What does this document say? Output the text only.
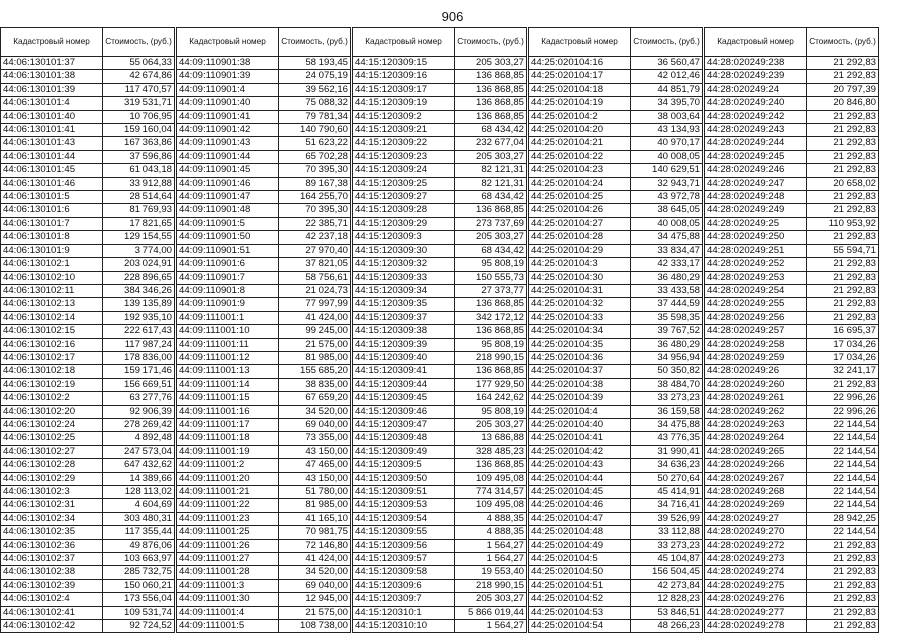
906
Кадастровый номер	Стоимость, (руб.)
44:06:130101:37	55 064,33
44:06:130101:38	42 674,86
44:06:130101:39	117 470,57
44:06:130101:4	319 531,71
44:06:130101:40	10 706,95
44:06:130101:41	159 160,04
44:06:130101:43	167 363,86
44:06:130101:44	37 596,86
44:06:130101:45	61 043,18
44:06:130101:46	33 912,88
44:06:130101:5	28 514,64
44:06:130101:6	81 769,93
44:06:130101:7	17 821,65
44:06:130101:8	129 154,55
44:06:130101:9	3 774,00
44:06:130102:1	203 024,91
44:06:130102:10	228 896,65
44:06:130102:11	384 346,26
44:06:130102:13	139 135,89
44:06:130102:14	192 935,10
44:06:130102:15	222 617,43
44:06:130102:16	117 987,24
44:06:130102:17	178 836,00
44:06:130102:18	159 171,46
44:06:130102:19	156 669,51
44:06:130102:2	63 277,76
44:06:130102:20	92 906,39
44:06:130102:24	278 269,42
44:06:130102:25	4 892,48
44:06:130102:27	247 573,04
44:06:130102:28	647 432,62
44:06:130102:29	14 389,66
44:06:130102:3	128 113,02
44:06:130102:31	4 604,69
44:06:130102:34	303 480,31
44:06:130102:35	117 355,44
44:06:130102:36	49 876,06
44:06:130102:37	103 663,97
44:06:130102:38	285 732,75
44:06:130102:39	150 060,21
44:06:130102:4	173 556,04
44:06:130102:41	109 531,74
44:06:130102:42	92 724,52
Кадастровый номер	Стоимость, (руб.)
44:09:110901:38	58 193,45
44:09:110901:39	24 075,19
44:09:110901:4	39 562,16
44:09:110901:40	75 088,32
44:09:110901:41	79 781,34
44:09:110901:42	140 790,60
44:09:110901:43	51 623,22
44:09:110901:44	65 702,28
44:09:110901:45	70 395,30
44:09:110901:46	89 167,38
44:09:110901:47	164 255,70
44:09:110901:48	70 395,30
44:09:110901:5	22 385,71
44:09:110901:50	42 237,18
44:09:110901:51	27 970,40
44:09:110901:6	37 821,05
44:09:110901:7	58 756,61
44:09:110901:8	21 024,73
44:09:110901:9	77 997,99
44:09:111001:1	41 424,00
44:09:111001:10	99 245,00
44:09:111001:11	21 575,00
44:09:111001:12	81 985,00
44:09:111001:13	155 685,20
44:09:111001:14	38 835,00
44:09:111001:15	67 659,20
44:09:111001:16	34 520,00
44:09:111001:17	69 040,00
44:09:111001:18	73 355,00
44:09:111001:19	43 150,00
44:09:111001:2	47 465,00
44:09:111001:20	43 150,00
44:09:111001:21	51 780,00
44:09:111001:22	81 985,00
44:09:111001:23	41 165,10
44:09:111001:25	70 981,75
44:09:111001:26	72 146,80
44:09:111001:27	41 424,00
44:09:111001:28	34 520,00
44:09:111001:3	69 040,00
44:09:111001:30	12 945,00
44:09:111001:4	21 575,00
44:09:111001:5	108 738,00
Кадастровый номер	Стоимость, (руб.)
44:15:120309:15	205 303,27
44:15:120309:16	136 868,85
44:15:120309:17	136 868,85
44:15:120309:19	136 868,85
44:15:120309:2	136 868,85
44:15:120309:21	68 434,42
44:15:120309:22	232 677,04
44:15:120309:23	205 303,27
44:15:120309:24	82 121,31
44:15:120309:25	82 121,31
44:15:120309:27	68 434,42
44:15:120309:28	136 868,85
44:15:120309:29	273 737,69
44:15:120309:3	205 303,27
44:15:120309:30	68 434,42
44:15:120309:32	95 808,19
44:15:120309:33	150 555,73
44:15:120309:34	27 373,77
44:15:120309:35	136 868,85
44:15:120309:37	342 172,12
44:15:120309:38	136 868,85
44:15:120309:39	95 808,19
44:15:120309:40	218 990,15
44:15:120309:41	136 868,85
44:15:120309:44	177 929,50
44:15:120309:45	164 242,62
44:15:120309:46	95 808,19
44:15:120309:47	205 303,27
44:15:120309:48	13 686,88
44:15:120309:49	328 485,23
44:15:120309:5	136 868,85
44:15:120309:50	109 495,08
44:15:120309:51	774 314,57
44:15:120309:53	109 495,08
44:15:120309:54	4 888,35
44:15:120309:55	4 888,35
44:15:120309:56	1 564,27
44:15:120309:57	1 564,27
44:15:120309:58	19 553,40
44:15:120309:6	218 990,15
44:15:120309:7	205 303,27
44:15:120310:1	5 866 019,44
44:15:120310:10	1 564,27
Кадастровый номер	Стоимость, (руб.)
44:25:020104:16	36 560,47
44:25:020104:17	42 012,46
44:25:020104:18	44 851,79
44:25:020104:19	34 395,70
44:25:020104:2	38 003,64
44:25:020104:20	43 134,93
44:25:020104:21	40 970,17
44:25:020104:22	40 008,05
44:25:020104:23	140 629,51
44:25:020104:24	32 943,71
44:25:020104:25	43 972,78
44:25:020104:26	38 645,05
44:25:020104:27	40 008,05
44:25:020104:28	34 475,88
44:25:020104:29	33 834,47
44:25:020104:3	42 333,17
44:25:020104:30	36 480,29
44:25:020104:31	33 433,58
44:25:020104:32	37 444,59
44:25:020104:33	35 598,35
44:25:020104:34	39 767,52
44:25:020104:35	36 480,29
44:25:020104:36	34 956,94
44:25:020104:37	50 350,82
44:25:020104:38	38 484,70
44:25:020104:39	33 273,23
44:25:020104:4	36 159,58
44:25:020104:40	34 475,88
44:25:020104:41	43 776,35
44:25:020104:42	31 990,41
44:25:020104:43	34 636,23
44:25:020104:44	50 270,64
44:25:020104:45	45 414,91
44:25:020104:46	34 716,41
44:25:020104:47	39 526,99
44:25:020104:48	33 112,88
44:25:020104:49	33 273,23
44:25:020104:5	45 104,87
44:25:020104:50	156 504,45
44:25:020104:51	42 273,84
44:25:020104:52	12 828,23
44:25:020104:53	53 846,51
44:25:020104:54	48 266,23
Кадастровый номер	Стоимость, (руб.)
44:28:020249:238	21 292,83
44:28:020249:239	21 292,83
44:28:020249:24	20 797,39
44:28:020249:240	20 846,80
44:28:020249:242	21 292,83
44:28:020249:243	21 292,83
44:28:020249:244	21 292,83
44:28:020249:245	21 292,83
44:28:020249:246	21 292,83
44:28:020249:247	20 658,02
44:28:020249:248	21 292,83
44:28:020249:249	21 292,83
44:28:020249:25	110 953,92
44:28:020249:250	21 292,83
44:28:020249:251	55 594,71
44:28:020249:252	21 292,83
44:28:020249:253	21 292,83
44:28:020249:254	21 292,83
44:28:020249:255	21 292,83
44:28:020249:256	21 292,83
44:28:020249:257	16 695,37
44:28:020249:258	17 034,26
44:28:020249:259	17 034,26
44:28:020249:26	32 241,17
44:28:020249:260	21 292,83
44:28:020249:261	22 996,26
44:28:020249:262	22 996,26
44:28:020249:263	22 144,54
44:28:020249:264	22 144,54
44:28:020249:265	22 144,54
44:28:020249:266	22 144,54
44:28:020249:267	22 144,54
44:28:020249:268	22 144,54
44:28:020249:269	22 144,54
44:28:020249:27	28 942,25
44:28:020249:270	22 144,54
44:28:020249:272	21 292,83
44:28:020249:273	21 292,83
44:28:020249:274	21 292,83
44:28:020249:275	21 292,83
44:28:020249:276	21 292,83
44:28:020249:277	21 292,83
44:28:020249:278	21 292,83
